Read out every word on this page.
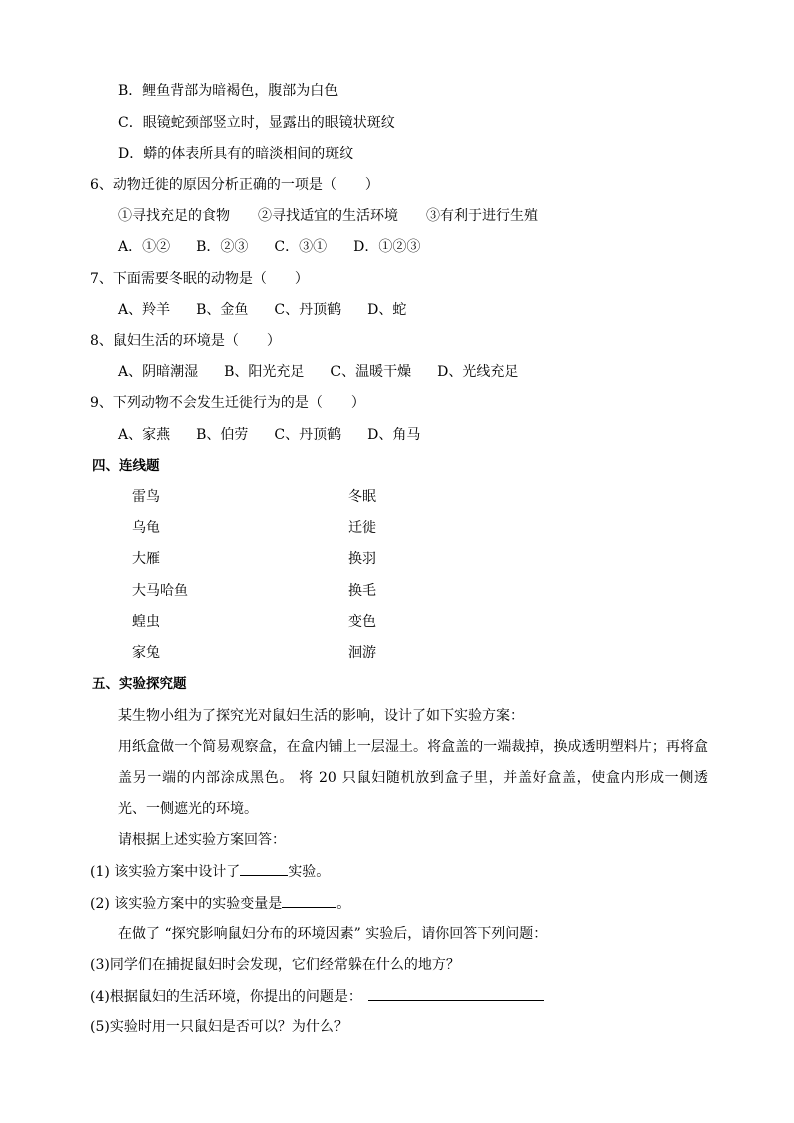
B．鲤鱼背部为暗褐色，腹部为白色
C．眼镜蛇颈部竖立时，显露出的眼镜状斑纹
D．蟒的体表所具有的暗淡相间的斑纹
6、动物迁徙的原因分析正确的一项是（　　）
①寻找充足的食物 ②寻找适宜的生活环境 ③有利于进行生殖
A．①② B．②③ C．③① D．①②③
7、下面需要冬眠的动物是（　　）
A、羚羊 B、金鱼 C、丹顶鹤 D、蛇
8、鼠妇生活的环境是（　　）
A、阴暗潮湿 B、阳光充足 C、温暖干燥 D、光线充足
9、下列动物不会发生迁徙行为的是（　　）
A、家燕 B、伯劳 C、丹顶鹤 D、角马
四、连线题
雷鸟	冬眠
乌龟	迁徙
大雁	换羽
大马哈鱼	换毛
蝗虫	变色
家兔	洄游
五、实验探究题
某生物小组为了探究光对鼠妇生活的影响，设计了如下实验方案：
用纸盒做一个简易观察盒，在盒内铺上一层湿土。将盒盖的一端裁掉，换成透明塑料片；再将盒盖另一端的内部涂成黑色。 将 20 只鼠妇随机放到盒子里，并盖好盒盖，使盒内形成一侧透光、一侧遮光的环境。
请根据上述实验方案回答：
(1) 该实验方案中设计了	实验。
(2) 该实验方案中的实验变量是	。
在做了 “探究影响鼠妇分布的环境因素” 实验后，请你回答下列问题：
(3)同学们在捕捉鼠妇时会发现，它们经常躲在什么的地方？
(4)根据鼠妇的生活环境，你提出的问题是：
(5)实验时用一只鼠妇是否可以？为什么？
